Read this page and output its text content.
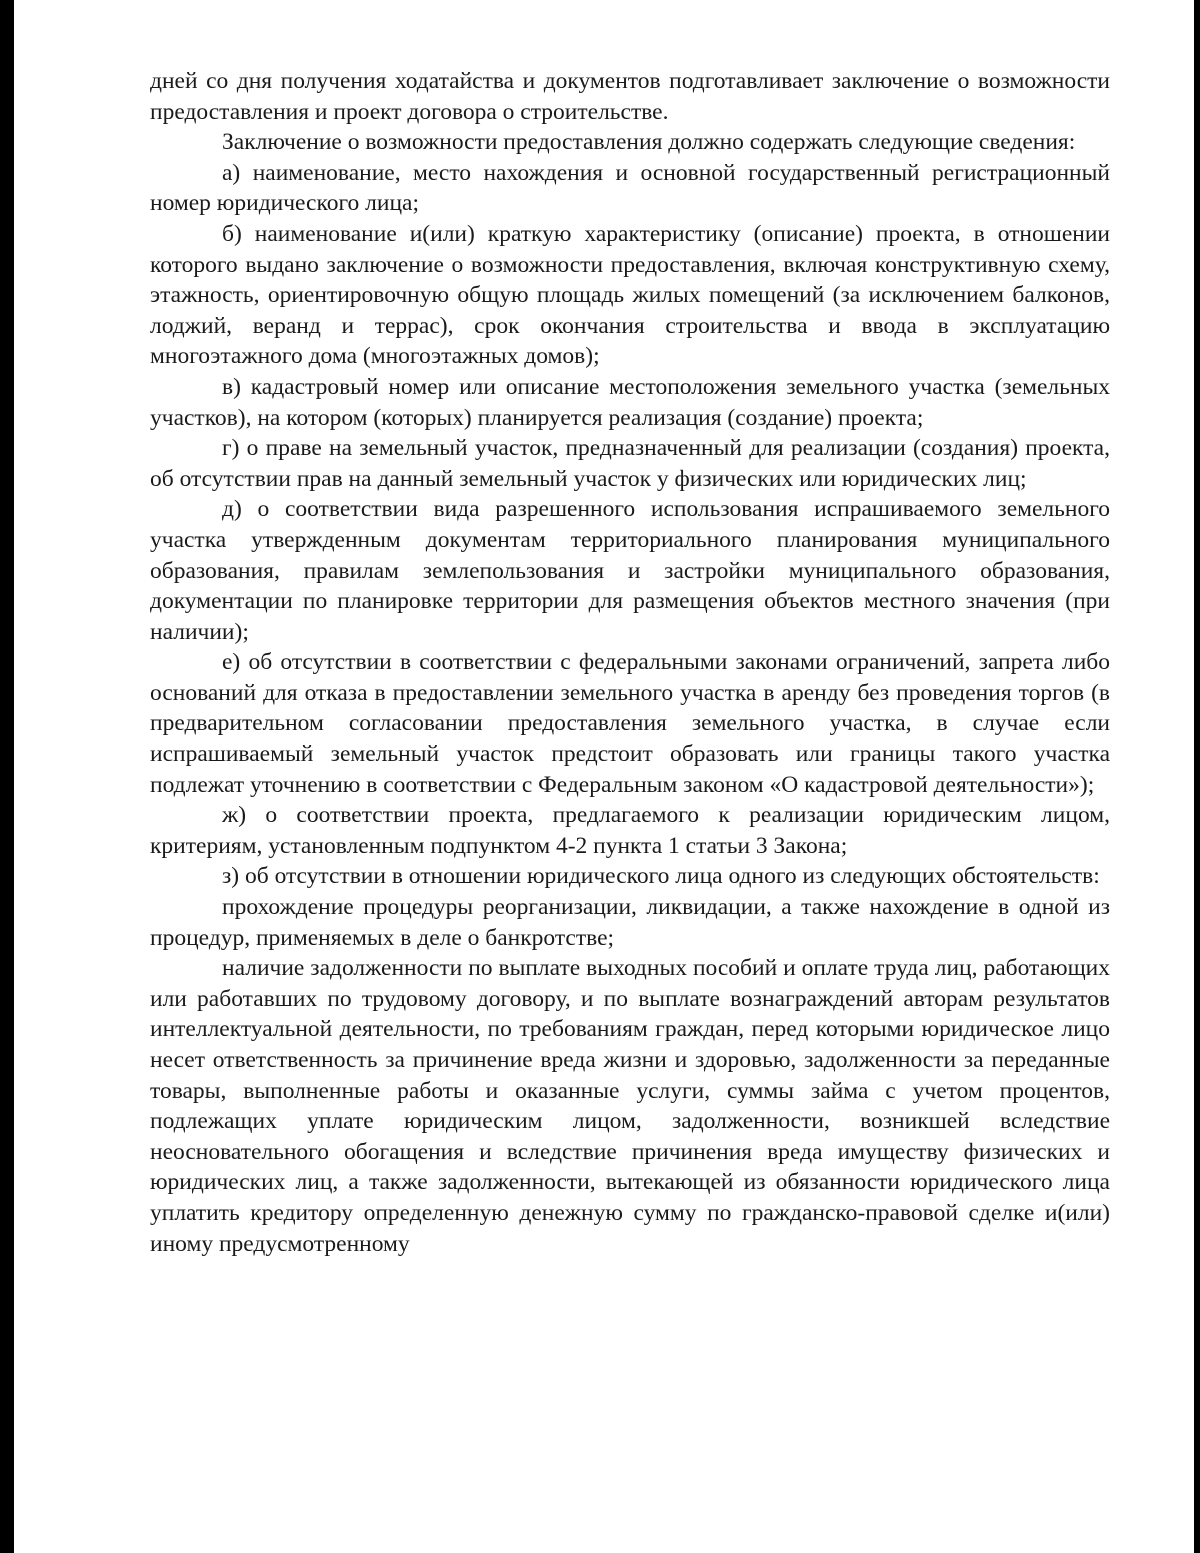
дней со дня получения ходатайства и документов подготавливает заключение о возможности предоставления и проект договора о строительстве.

Заключение о возможности предоставления должно содержать следующие сведения:

а) наименование, место нахождения и основной государственный регистрационный номер юридического лица;

б) наименование и(или) краткую характеристику (описание) проекта, в отношении которого выдано заключение о возможности предоставления, включая конструктивную схему, этажность, ориентировочную общую площадь жилых помещений (за исключением балконов, лоджий, веранд и террас), срок окончания строительства и ввода в эксплуатацию многоэтажного дома (многоэтажных домов);

в) кадастровый номер или описание местоположения земельного участка (земельных участков), на котором (которых) планируется реализация (создание) проекта;

г) о праве на земельный участок, предназначенный для реализации (создания) проекта, об отсутствии прав на данный земельный участок у физических или юридических лиц;

д) о соответствии вида разрешенного использования испрашиваемого земельного участка утвержденным документам территориального планирования муниципального образования, правилам землепользования и застройки муниципального образования, документации по планировке территории для размещения объектов местного значения (при наличии);

е) об отсутствии в соответствии с федеральными законами ограничений, запрета либо оснований для отказа в предоставлении земельного участка в аренду без проведения торгов (в предварительном согласовании предоставления земельного участка, в случае если испрашиваемый земельный участок предстоит образовать или границы такого участка подлежат уточнению в соответствии с Федеральным законом «О кадастровой деятельности»);

ж) о соответствии проекта, предлагаемого к реализации юридическим лицом, критериям, установленным подпунктом 4-2 пункта 1 статьи 3 Закона;

з) об отсутствии в отношении юридического лица одного из следующих обстоятельств:

прохождение процедуры реорганизации, ликвидации, а также нахождение в одной из процедур, применяемых в деле о банкротстве;

наличие задолженности по выплате выходных пособий и оплате труда лиц, работающих или работавших по трудовому договору, и по выплате вознаграждений авторам результатов интеллектуальной деятельности, по требованиям граждан, перед которыми юридическое лицо несет ответственность за причинение вреда жизни и здоровью, задолженности за переданные товары, выполненные работы и оказанные услуги, суммы займа с учетом процентов, подлежащих уплате юридическим лицом, задолженности, возникшей вследствие неосновательного обогащения и вследствие причинения вреда имуществу физических и юридических лиц, а также задолженности, вытекающей из обязанности юридического лица уплатить кредитору определенную денежную сумму по гражданско-правовой сделке и(или) иному предусмотренному
